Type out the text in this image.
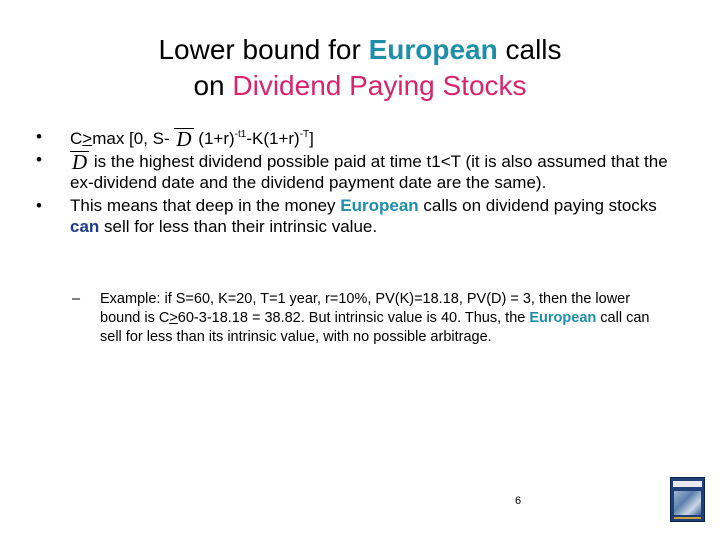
Lower bound for European calls
on Dividend Paying Stocks
• C>max [0, S- D $(1+r)^{-t1}-K(1+r)^{-T}$]
• D is the highest dividend possible paid at time t1<T (it is also assumed that the ex-dividend date and the dividend payment date are the same).
• This means that deep in the money European calls on dividend paying stocks can sell for less than their intrinsic value.
–	Example: if S=60, K=20, T=1 year, r=10%, PV(K)=18.18, PV(D) = 3, then the lower bound is C≥60-3-18.18 = 38.82. But intrinsic value is 40. Thus, the European call can sell for less than its intrinsic value, with no possible arbitrage.
6
